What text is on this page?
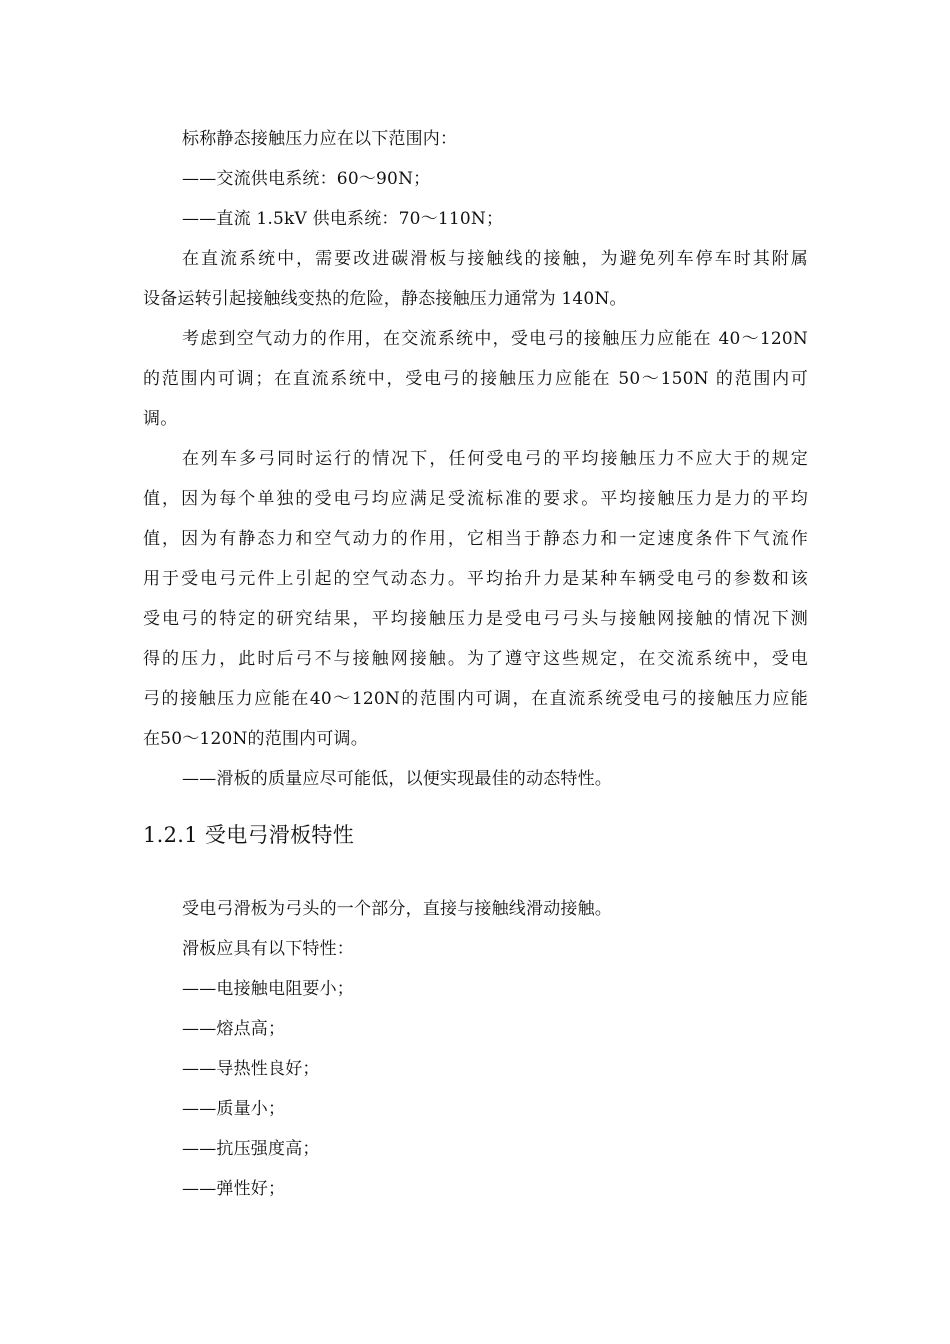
标称静态接触压力应在以下范围内：
——交流供电系统：60～90N；
——直流 1.5kV 供电系统：70～110N；
在直流系统中，需要改进碳滑板与接触线的接触，为避免列车停车时其附属
设备运转引起接触线变热的危险，静态接触压力通常为 140N。
考虑到空气动力的作用，在交流系统中，受电弓的接触压力应能在 40～120N
的范围内可调；在直流系统中，受电弓的接触压力应能在 50～150N 的范围内可
调。
在列车多弓同时运行的情况下，任何受电弓的平均接触压力不应大于的规定
值，因为每个单独的受电弓均应满足受流标准的要求。平均接触压力是力的平均
值，因为有静态力和空气动力的作用，它相当于静态力和一定速度条件下气流作
用于受电弓元件上引起的空气动态力。平均抬升力是某种车辆受电弓的参数和该
受电弓的特定的研究结果，平均接触压力是受电弓弓头与接触网接触的情况下测
得的压力，此时后弓不与接触网接触。为了遵守这些规定，在交流系统中，受电
弓的接触压力应能在40～120N的范围内可调，在直流系统受电弓的接触压力应能
在50～120N的范围内可调。
——滑板的质量应尽可能低，以便实现最佳的动态特性。
1.2.1 受电弓滑板特性
受电弓滑板为弓头的一个部分，直接与接触线滑动接触。
滑板应具有以下特性：
——电接触电阻要小；
——熔点高；
——导热性良好；
——质量小；
——抗压强度高；
——弹性好；
